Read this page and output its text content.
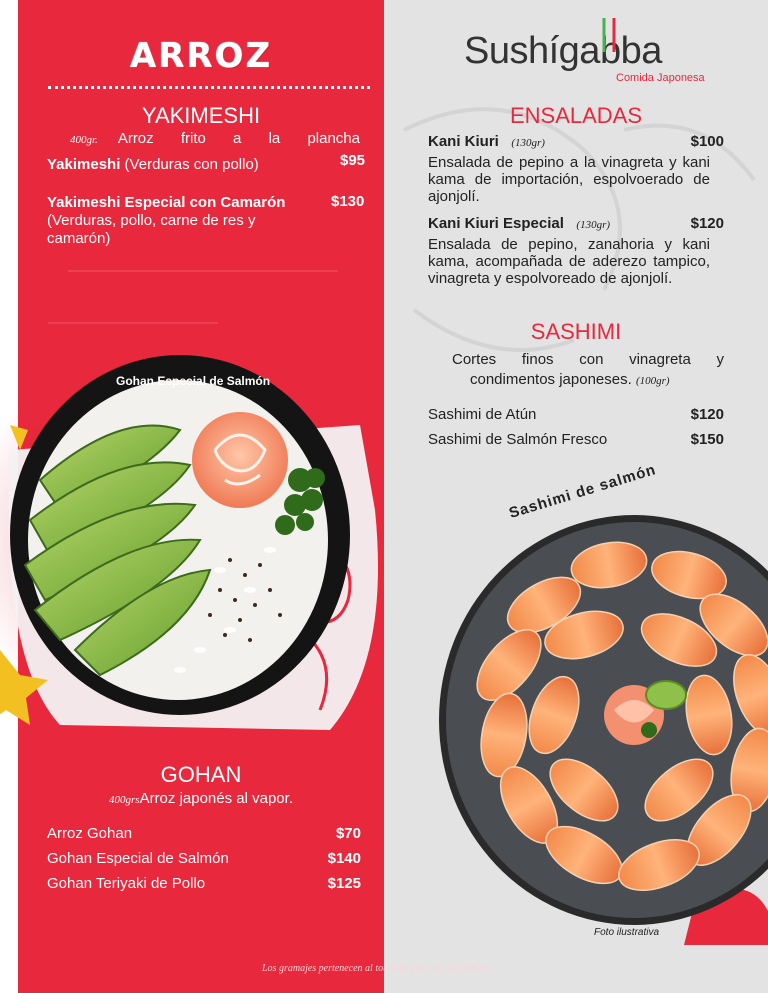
ARROZ
YAKIMESHI
400gr. Arroz frito a la plancha
Yakimeshi (Verduras con pollo)	$95
Yakimeshi Especial con Camarón
(Verduras, pollo, carne de res y camarón)
$130
Gohan Especial de Salmón
GOHAN
400grsArroz japonés al vapor.
Arroz Gohan	$70
Gohan Especial de Salmón	$140
Gohan Teriyaki de Pollo	$125
Sushígabba
Comida Japonesa
ENSALADAS
Kani Kiuri (130gr)	$100
Ensalada de pepino a la vinagreta y kani kama de importación, espolvoerado de ajonjolí.
Kani Kiuri Especial (130gr)	$120
Ensalada de pepino, zanahoria y kani kama, acompañada de aderezo tampico, vinagreta y espolvoreado de ajonjolí.
SASHIMI
Cortes finos con vinagreta y
condimentos japoneses. (100gr)
Sashimi de Atún	$120
Sashimi de Salmón Fresco	$150
Sashimi de salmón
Foto ilustrativa
Los gramajes pertenecen al total del peso de los platillos.
